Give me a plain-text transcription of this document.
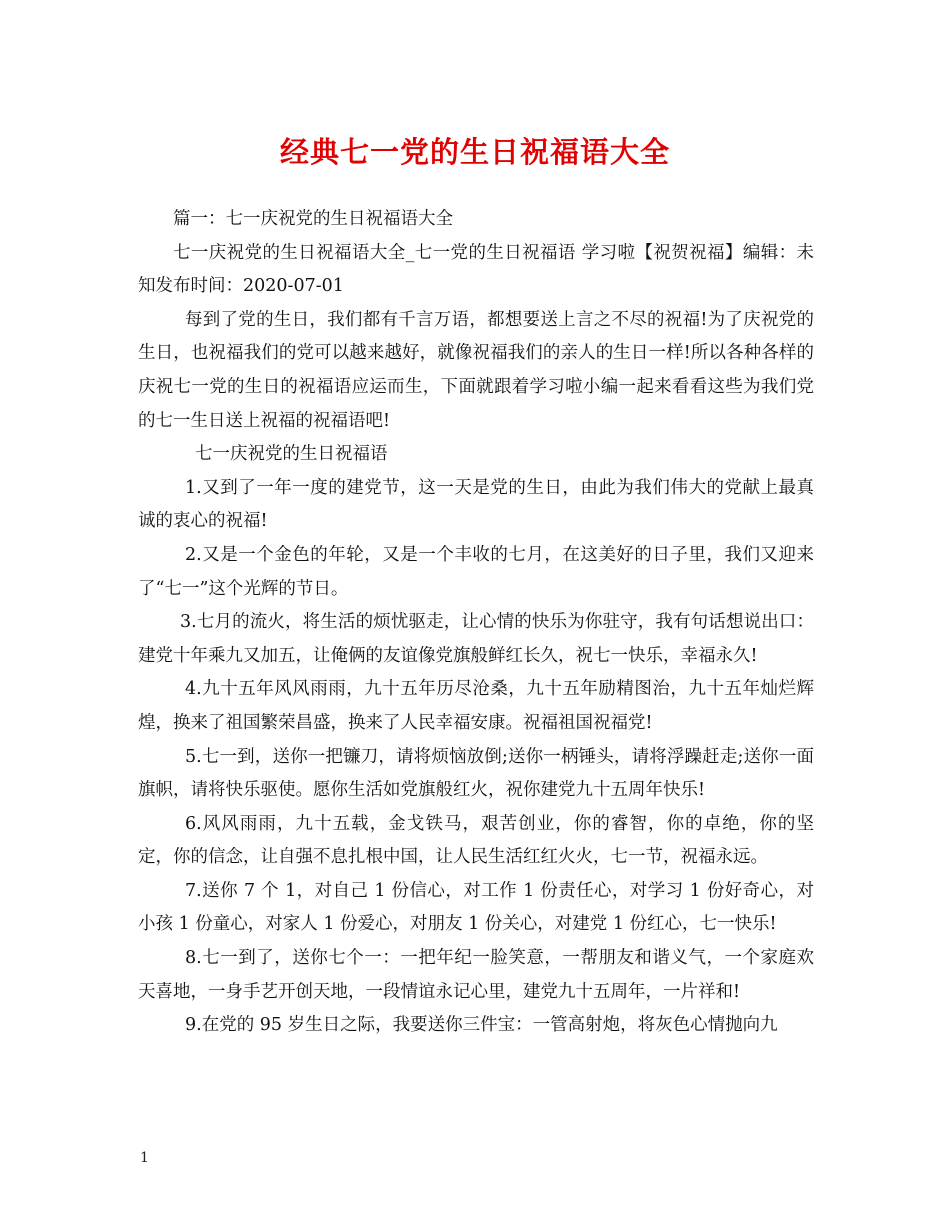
经典七一党的生日祝福语大全

篇一：七一庆祝党的生日祝福语大全

七一庆祝党的生日祝福语大全_七一党的生日祝福语 学习啦【祝贺祝福】编辑：未知发布时间：2020-07-01

每到了党的生日，我们都有千言万语，都想要送上言之不尽的祝福!为了庆祝党的生日，也祝福我们的党可以越来越好，就像祝福我们的亲人的生日一样!所以各种各样的庆祝七一党的生日的祝福语应运而生，下面就跟着学习啦小编一起来看看这些为我们党的七一生日送上祝福的祝福语吧!

七一庆祝党的生日祝福语

1.又到了一年一度的建党节，这一天是党的生日，由此为我们伟大的党献上最真诚的衷心的祝福!

2.又是一个金色的年轮，又是一个丰收的七月，在这美好的日子里，我们又迎来了“七一”这个光辉的节日。

3.七月的流火，将生活的烦忧驱走，让心情的快乐为你驻守，我有句话想说出口：建党十年乘九又加五，让俺俩的友谊像党旗般鲜红长久，祝七一快乐，幸福永久!

4.九十五年风风雨雨，九十五年历尽沧桑，九十五年励精图治，九十五年灿烂辉煌，换来了祖国繁荣昌盛，换来了人民幸福安康。祝福祖国祝福党!

5.七一到，送你一把镰刀，请将烦恼放倒;送你一柄锤头，请将浮躁赶走;送你一面旗帜，请将快乐驱使。愿你生活如党旗般红火，祝你建党九十五周年快乐!

6.风风雨雨，九十五载，金戈铁马，艰苦创业，你的睿智，你的卓绝，你的坚定，你的信念，让自强不息扎根中国，让人民生活红红火火，七一节，祝福永远。

7.送你 7 个 1，对自己 1 份信心，对工作 1 份责任心，对学习 1 份好奇心，对小孩 1 份童心，对家人 1 份爱心，对朋友 1 份关心，对建党 1 份红心，七一快乐!

8.七一到了，送你七个一：一把年纪一脸笑意，一帮朋友和谐义气，一个家庭欢天喜地，一身手艺开创天地，一段情谊永记心里，建党九十五周年，一片祥和!

9.在党的 95 岁生日之际，我要送你三件宝：一管高射炮，将灰色心情抛向九

1
